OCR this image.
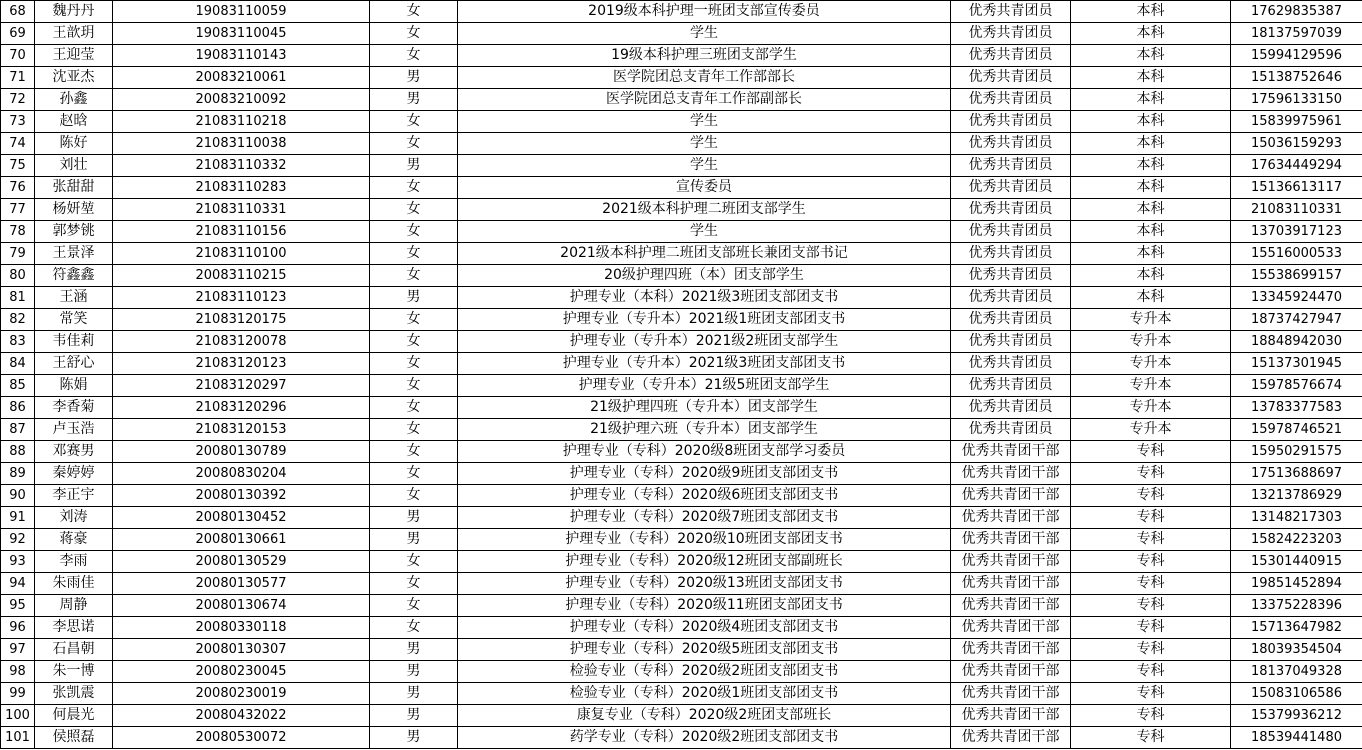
68	魏丹丹	19083110059	女	2019级本科护理一班团支部宣传委员	优秀共青团员	本科	17629835387
69	王歆玥	19083110045	女	学生	优秀共青团员	本科	18137597039
70	王迎莹	19083110143	女	19级本科护理三班团支部学生	优秀共青团员	本科	15994129596
71	沈亚杰	20083210061	男	医学院团总支青年工作部部长	优秀共青团员	本科	15138752646
72	孙鑫	20083210092	男	医学院团总支青年工作部副部长	优秀共青团员	本科	17596133150
73	赵晗	21083110218	女	学生	优秀共青团员	本科	15839975961
74	陈好	21083110038	女	学生	优秀共青团员	本科	15036159293
75	刘壮	21083110332	男	学生	优秀共青团员	本科	17634449294
76	张甜甜	21083110283	女	宣传委员	优秀共青团员	本科	15136613117
77	杨妍堃	21083110331	女	2021级本科护理二班团支部学生	优秀共青团员	本科	21083110331
78	郭梦铫	21083110156	女	学生	优秀共青团员	本科	13703917123
79	王景泽	21083110100	女	2021级本科护理二班团支部班长兼团支部书记	优秀共青团员	本科	15516000533
80	符鑫鑫	20083110215	女	20级护理四班（本）团支部学生	优秀共青团员	本科	15538699157
81	王涵	21083110123	男	护理专业（本科）2021级3班团支部团支书	优秀共青团员	本科	13345924470
82	常笑	21083120175	女	护理专业（专升本）2021级1班团支部团支书	优秀共青团员	专升本	18737427947
83	韦佳莉	21083120078	女	护理专业（专升本）2021级2班团支部学生	优秀共青团员	专升本	18848942030
84	王舒心	21083120123	女	护理专业（专升本）2021级3班团支部团支书	优秀共青团员	专升本	15137301945
85	陈娟	21083120297	女	护理专业（专升本）21级5班团支部学生	优秀共青团员	专升本	15978576674
86	李香菊	21083120296	女	21级护理四班（专升本）团支部学生	优秀共青团员	专升本	13783377583
87	卢玉浩	21083120153	女	21级护理六班（专升本）团支部学生	优秀共青团员	专升本	15978746521
88	邓赛男	20080130789	女	护理专业（专科）2020级8班团支部学习委员	优秀共青团干部	专科	15950291575
89	秦婷婷	20080830204	女	护理专业（专科）2020级9班团支部团支书	优秀共青团干部	专科	17513688697
90	李正宇	20080130392	女	护理专业（专科）2020级6班团支部团支书	优秀共青团干部	专科	13213786929
91	刘涛	20080130452	男	护理专业（专科）2020级7班团支部团支书	优秀共青团干部	专科	13148217303
92	蒋豪	20080130661	男	护理专业（专科）2020级10班团支部团支书	优秀共青团干部	专科	15824223203
93	李雨	20080130529	女	护理专业（专科）2020级12班团支部副班长	优秀共青团干部	专科	15301440915
94	朱雨佳	20080130577	女	护理专业（专科）2020级13班团支部团支书	优秀共青团干部	专科	19851452894
95	周静	20080130674	女	护理专业（专科）2020级11班团支部团支书	优秀共青团干部	专科	13375228396
96	李思诺	20080330118	女	护理专业（专科）2020级4班团支部团支书	优秀共青团干部	专科	15713647982
97	石昌朝	20080130307	男	护理专业（专科）2020级5班团支部团支书	优秀共青团干部	专科	18039354504
98	朱一博	20080230045	男	检验专业（专科）2020级2班团支部团支书	优秀共青团干部	专科	18137049328
99	张凯震	20080230019	男	检验专业（专科）2020级1班团支部团支书	优秀共青团干部	专科	15083106586
100	何晨光	20080432022	男	康复专业（专科）2020级2班团支部班长	优秀共青团干部	专科	15379936212
101	侯照磊	20080530072	男	药学专业（专科）2020级2班团支部团支书	优秀共青团干部	专科	18539441480
